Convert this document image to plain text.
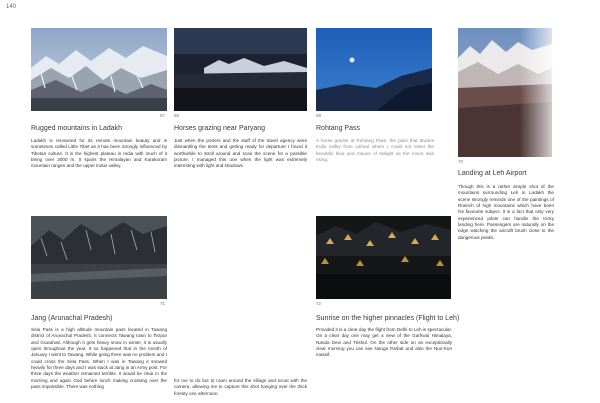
140
67
Rugged mountains in Ladakh
Ladakh is renowned for its remote mountain beauty and is sometimes called Little Tibet as it has been strongly influenced by Tibetan culture. It is the highest plateau in India with much of it being over 3000 m. It spans the Himalayan and Karakoram mountain ranges and the upper Indus valley.
68
Horses grazing near Paryang
Just when the porters and the staff of the travel agency were dismantling the tents and getting ready for departure I found it worthwhile to stroll around and scan the scene for a possible picture. I managed this one when the light was extremely interesting with light and shadows.
69
Rohtang Pass
A horse grazes at Rohtang Pass, the pass that divides Kullu valley from Lahaul where I could not resist the beautiful blue and mauve of twilight as the moon was rising.	70
Landing at Leh Airport
Though this is a rather simple shot of the mountains surrounding Leh in Ladakh the scene strongly reminds one of the paintings of Roerich of high mountains which have been his favourite subject. It is a fact that only very experienced pilots can handle the tricky landing here. Passengers are naturally on the edge watching the aircraft brush close to the dangerous peaks.
71
Jang (Arunachal Pradesh)
Sela Pass is a high altitude mountain pass located in Tawang district of Arunachal Pradesh. It connects Tawang town to Tezpur and Guwahati. Although it gets heavy snow in winter, it is usually open throughout the year. It so happened that in the month of January I went to Tawang. While going there was no problem and I could cross the Sela Pass. When I was in Tawang it snowed heavily for three days and I was stuck at Jang in an Army post. For three days the weather remained terrible. It would be clear in the morning and again God before lunch making crossing over the pass impossible. There was nothing
for me to do but to roam around the village and scout with the camera, allowing me to capture this shot hanging over the thick foresty one afternoon.
72
Sunrise on the higher pinnacles (Flight to Leh)
Provided it is a clear day the flight from Delhi to Leh is spectacular. On a clear day one may get a view of the Garhwal Himalaya, Nanda Devi and Trishul. On the other side on an exceptionally clear morning you can see Nanga Parbat and also the Nun-Kun massif.
